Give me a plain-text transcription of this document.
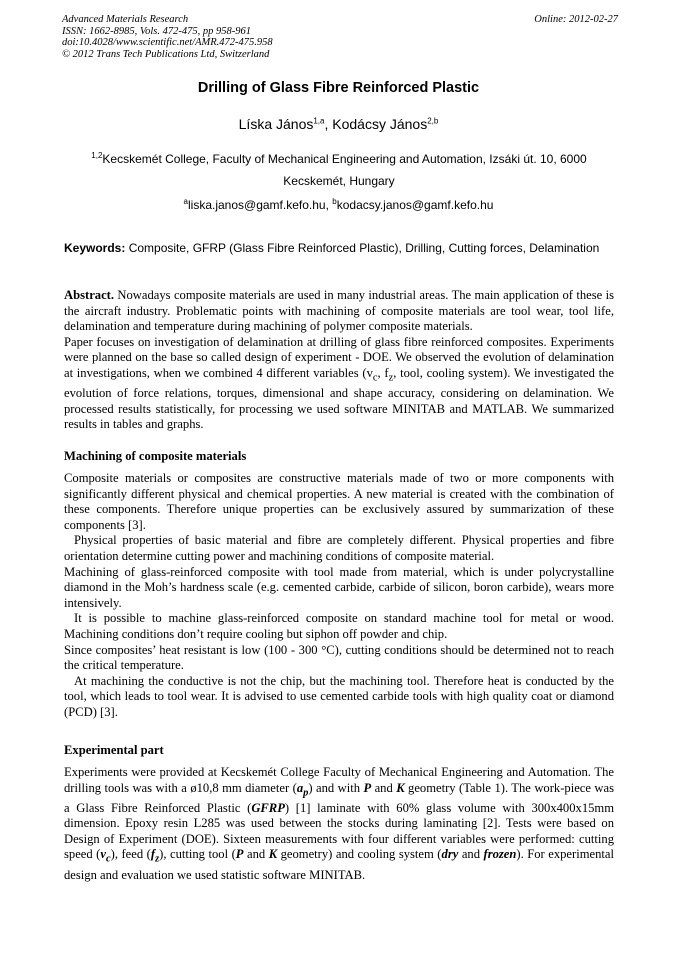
Advanced Materials Research
ISSN: 1662-8985, Vols. 472-475, pp 958-961
doi:10.4028/www.scientific.net/AMR.472-475.958
© 2012 Trans Tech Publications Ltd, Switzerland
Online: 2012-02-27
Drilling of Glass Fibre Reinforced Plastic
Líska János$^{1,a}$, Kodácsy János$^{2,b}$
$^{1,2}$Kecskemét College, Faculty of Mechanical Engineering and Automation, Izsáki út. 10, 6000
Kecskemét, Hungary
$^a$liska.janos@gamf.kefo.hu, $^b$kodacsy.janos@gamf.kefo.hu
Keywords: Composite, GFRP (Glass Fibre Reinforced Plastic), Drilling, Cutting forces, Delamination

Abstract. Nowadays composite materials are used in many industrial areas. The main application of these is the aircraft industry. Problematic points with machining of composite materials are tool wear, tool life, delamination and temperature during machining of polymer composite materials.

Paper focuses on investigation of delamination at drilling of glass fibre reinforced composites. Experiments were planned on the base so called design of experiment - DOE. We observed the evolution of delamination at investigations, when we combined 4 different variables ($v_c$, $f_z$, tool, cooling system). We investigated the evolution of force relations, torques, dimensional and shape accuracy, considering on delamination. We processed results statistically, for processing we used software MINITAB and MATLAB. We summarized results in tables and graphs.

Machining of composite materials

Composite materials or composites are constructive materials made of two or more components with significantly different physical and chemical properties. A new material is created with the combination of these components. Therefore unique properties can be exclusively assured by summarization of these components [3].

Physical properties of basic material and fibre are completely different. Physical properties and fibre orientation determine cutting power and machining conditions of composite material.

Machining of glass-reinforced composite with tool made from material, which is under polycrystalline diamond in the Moh’s hardness scale (e.g. cemented carbide, carbide of silicon, boron carbide), wears more intensively.

It is possible to machine glass-reinforced composite on standard machine tool for metal or wood. Machining conditions don’t require cooling but siphon off powder and chip.

Since composites’ heat resistant is low (100 - 300 °C), cutting conditions should be determined not to reach the critical temperature.

At machining the conductive is not the chip, but the machining tool. Therefore heat is conducted by the tool, which leads to tool wear. It is advised to use cemented carbide tools with high quality coat or diamond (PCD) [3].

Experimental part

Experiments were provided at Kecskemét College Faculty of Mechanical Engineering and Automation. The drilling tools was with a ø10,8 mm diameter $(a_p)$ and with P and K geometry (Table 1). The work-piece was a Glass Fibre Reinforced Plastic (GFRP) [1] laminate with 60% glass volume with 300x400x15mm dimension. Epoxy resin L285 was used between the stocks during laminating [2]. Tests were based on Design of Experiment (DOE). Sixteen measurements with four different variables were performed: cutting speed $(v_c)$, feed $(f_z)$, cutting tool (P and K geometry) and cooling system (dry and frozen). For experimental design and evaluation we used statistic software MINITAB.
